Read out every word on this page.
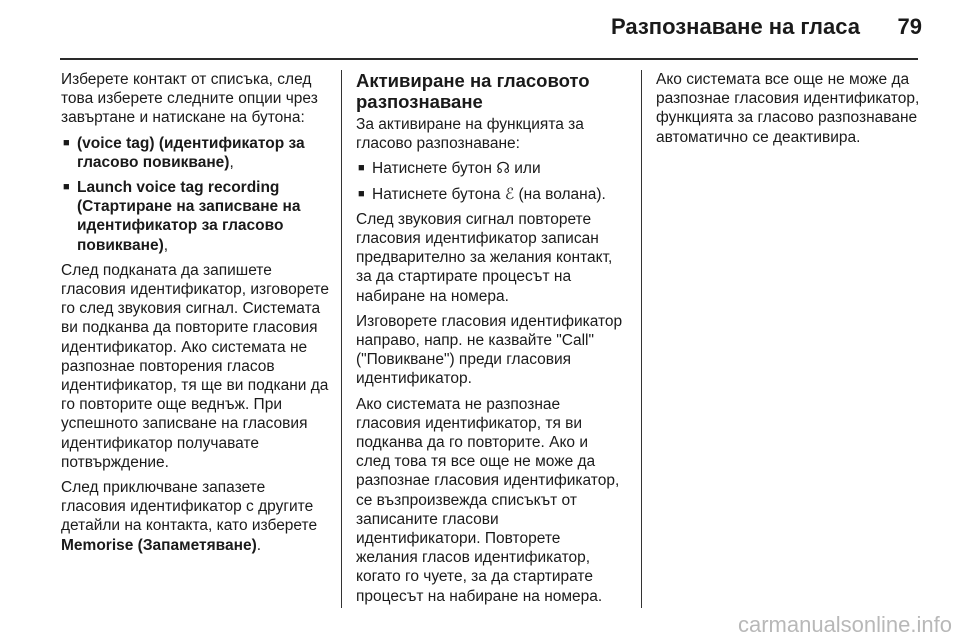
Разпознаване на гласа 79

Изберете контакт от списъка, след това изберете следните опции чрез завъртане и натискане на бутона:

■ (voice tag) (идентификатор за гласово повикване),
■ Launch voice tag recording (Стартиране на записване на идентификатор за гласово повикване),

След подканата да запишете гласовия идентификатор, изговорете го след звуковия сигнал. Системата ви подканва да повторите гласовия идентификатор. Ако системата не разпознае повторения гласов идентификатор, тя ще ви подкани да го повторите още веднъж. При успешното записване на гласовия идентификатор получавате потвърждение.

След приключване запазете гласовия идентификатор с другите детайли на контакта, като изберете Memorise (Запаметяване).

Активиране на гласовото разпознаване

За активиране на функцията за гласово разпознаване:

■ Натиснете бутон ☊ или
■ Натиснете бутона ℰ (на волана).

След звуковия сигнал повторете гласовия идентификатор записан предварително за желания контакт, за да стартирате процесът на набиране на номера.

Изговорете гласовия идентификатор направо, напр. не казвайте "Call" ("Повикване") преди гласовия идентификатор.

Ако системата не разпознае гласовия идентификатор, тя ви подканва да го повторите. Ако и след това тя все още не може да разпознае гласовия идентификатор, се възпроизвежда списъкът от записаните гласови идентификатори. Повторете желания гласов идентификатор, когато го чуете, за да стартирате процесът на набиране на номера.

Ако системата все още не може да разпознае гласовия идентификатор, функцията за гласово разпознаване автоматично се деактивира.

carmanualsonline.info
